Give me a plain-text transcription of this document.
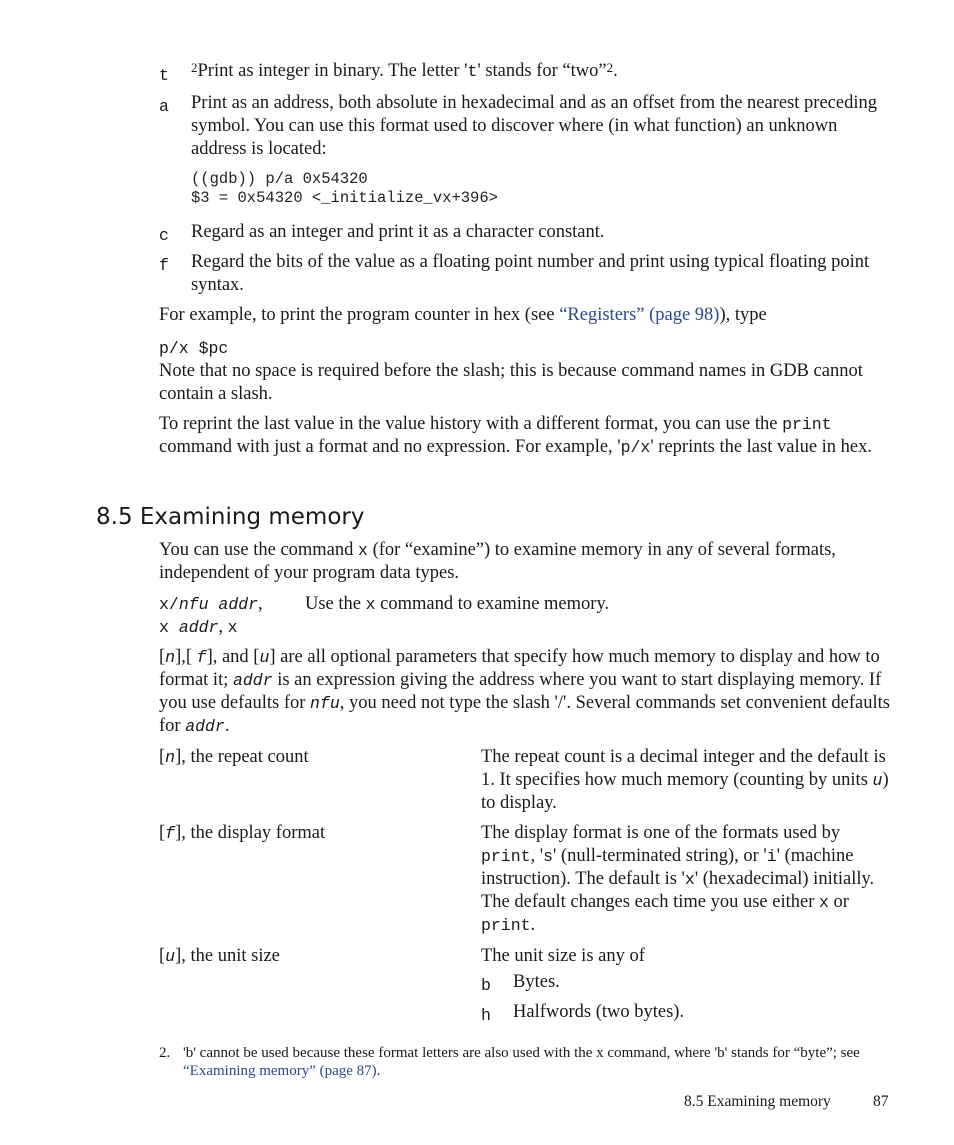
t	$^2$Print as integer in binary. The letter 't' stands for “two”$^2$.
a	Print as an address, both absolute in hexadecimal and as an offset from the nearest preceding symbol. You can use this format used to discover where (in what function) an unknown address is located:
((gdb)) p/a 0x54320
$3 = 0x54320 <_initialize_vx+396>
c	Regard as an integer and print it as a character constant.
f	Regard the bits of the value as a floating point number and print using typical floating point syntax.
For example, to print the program counter in hex (see “Registers” (page 98)), type
p/x $pc
Note that no space is required before the slash; this is because command names in GDB cannot contain a slash.
To reprint the last value in the value history with a different format, you can use the print command with just a format and no expression. For example, 'p/x' reprints the last value in hex.
8.5 Examining memory
You can use the command x (for “examine”) to examine memory in any of several formats, independent of your program data types.
x/nfu addr,
x addr, x
Use the x command to examine memory.
[n],[ f], and [u] are all optional parameters that specify how much memory to display and how to format it; addr is an expression giving the address where you want to start displaying memory. If you use defaults for nfu, you need not type the slash '/'. Several commands set convenient defaults for addr.
[n], the repeat count	The repeat count is a decimal integer and the default is 1. It specifies how much memory (counting by units u) to display.
[f], the display format	The display format is one of the formats used by print, 's' (null-terminated string), or 'i' (machine instruction). The default is 'x' (hexadecimal) initially. The default changes each time you use either x or print.
[u], the unit size	The unit size is any of
b Bytes.
h Halfwords (two bytes).
2. 'b' cannot be used because these format letters are also used with the x command, where 'b' stands for “byte”; see “Examining memory” (page 87).
8.5 Examining memory	87
